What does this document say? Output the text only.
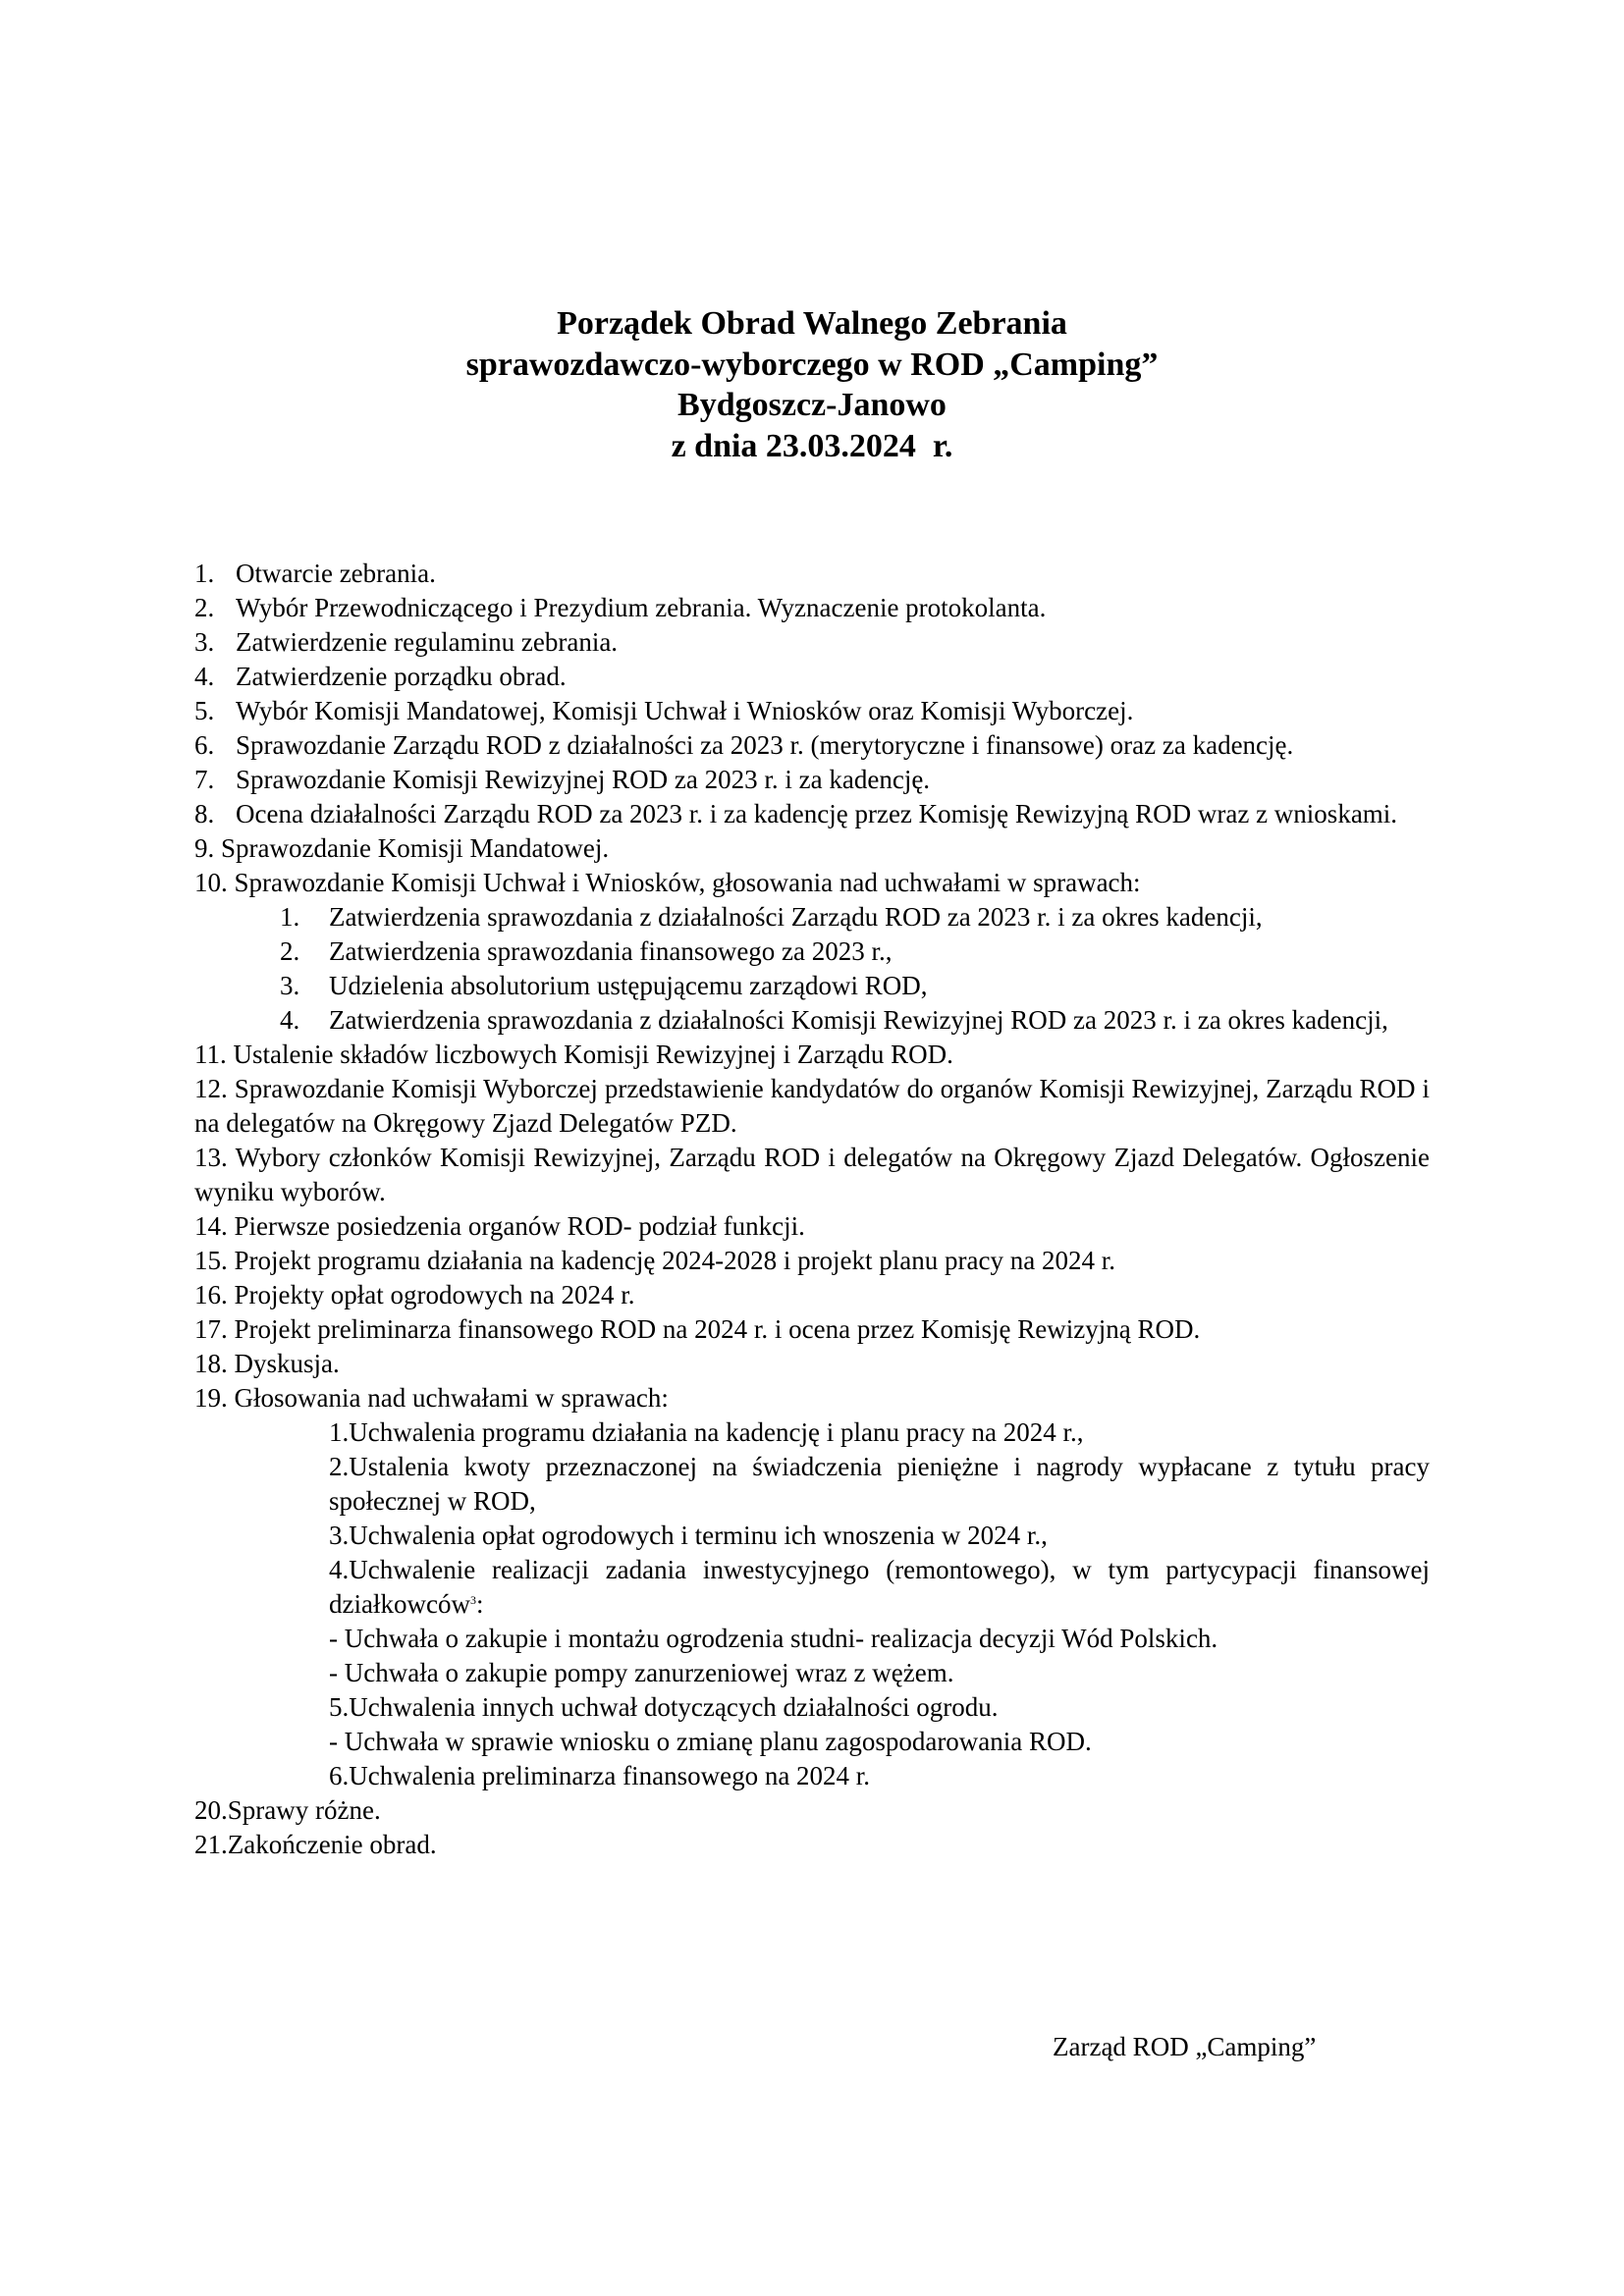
Porządek Obrad Walnego Zebrania
sprawozdawczo-wyborczego w ROD „Camping”
Bydgoszcz-Janowo
z dnia 23.03.2024  r.
1. Otwarcie zebrania.
2. Wybór Przewodniczącego i Prezydium zebrania. Wyznaczenie protokolanta.
3. Zatwierdzenie regulaminu zebrania.
4. Zatwierdzenie porządku obrad.
5. Wybór Komisji Mandatowej, Komisji Uchwał i Wniosków oraz Komisji Wyborczej.
6. Sprawozdanie Zarządu ROD z działalności za 2023 r. (merytoryczne i finansowe) oraz za kadencję.
7. Sprawozdanie Komisji Rewizyjnej ROD za 2023 r. i za kadencję.
8. Ocena działalności Zarządu ROD za 2023 r. i za kadencję przez Komisję Rewizyjną ROD wraz z wnioskami.
9. Sprawozdanie Komisji Mandatowej.
10. Sprawozdanie Komisji Uchwał i Wniosków, głosowania nad uchwałami w sprawach:
1. Zatwierdzenia sprawozdania z działalności Zarządu ROD za 2023 r. i za okres kadencji,
2. Zatwierdzenia sprawozdania finansowego za 2023 r.,
3. Udzielenia absolutorium ustępującemu zarządowi ROD,
4. Zatwierdzenia sprawozdania z działalności Komisji Rewizyjnej ROD za 2023 r. i za okres kadencji,
11. Ustalenie składów liczbowych Komisji Rewizyjnej i Zarządu ROD.
12. Sprawozdanie Komisji Wyborczej przedstawienie kandydatów do organów Komisji Rewizyjnej, Zarządu ROD i na delegatów na Okręgowy Zjazd Delegatów PZD.
13. Wybory członków Komisji Rewizyjnej, Zarządu ROD i delegatów na Okręgowy Zjazd Delegatów. Ogłoszenie wyniku wyborów.
14. Pierwsze posiedzenia organów ROD- podział funkcji.
15. Projekt programu działania na kadencję 2024-2028 i projekt planu pracy na 2024 r.
16. Projekty opłat ogrodowych na 2024 r.
17. Projekt preliminarza finansowego ROD na 2024 r. i ocena przez Komisję Rewizyjną ROD.
18. Dyskusja.
19. Głosowania nad uchwałami w sprawach:
1.Uchwalenia programu działania na kadencję i planu pracy na 2024 r.,
2.Ustalenia kwoty przeznaczonej na świadczenia pieniężne i nagrody wypłacane z tytułu pracy społecznej w ROD,
3.Uchwalenia opłat ogrodowych i terminu ich wnoszenia w 2024 r.,
4.Uchwalenie realizacji zadania inwestycyjnego (remontowego), w tym partycypacji finansowej działkowców$^3$:
- Uchwała o zakupie i montażu ogrodzenia studni- realizacja decyzji Wód Polskich.
- Uchwała o zakupie pompy zanurzeniowej wraz z wężem.
5.Uchwalenia innych uchwał dotyczących działalności ogrodu.
- Uchwała w sprawie wniosku o zmianę planu zagospodarowania ROD.
6.Uchwalenia preliminarza finansowego na 2024 r.
20.Sprawy różne.
21.Zakończenie obrad.
Zarząd ROD „Camping”
